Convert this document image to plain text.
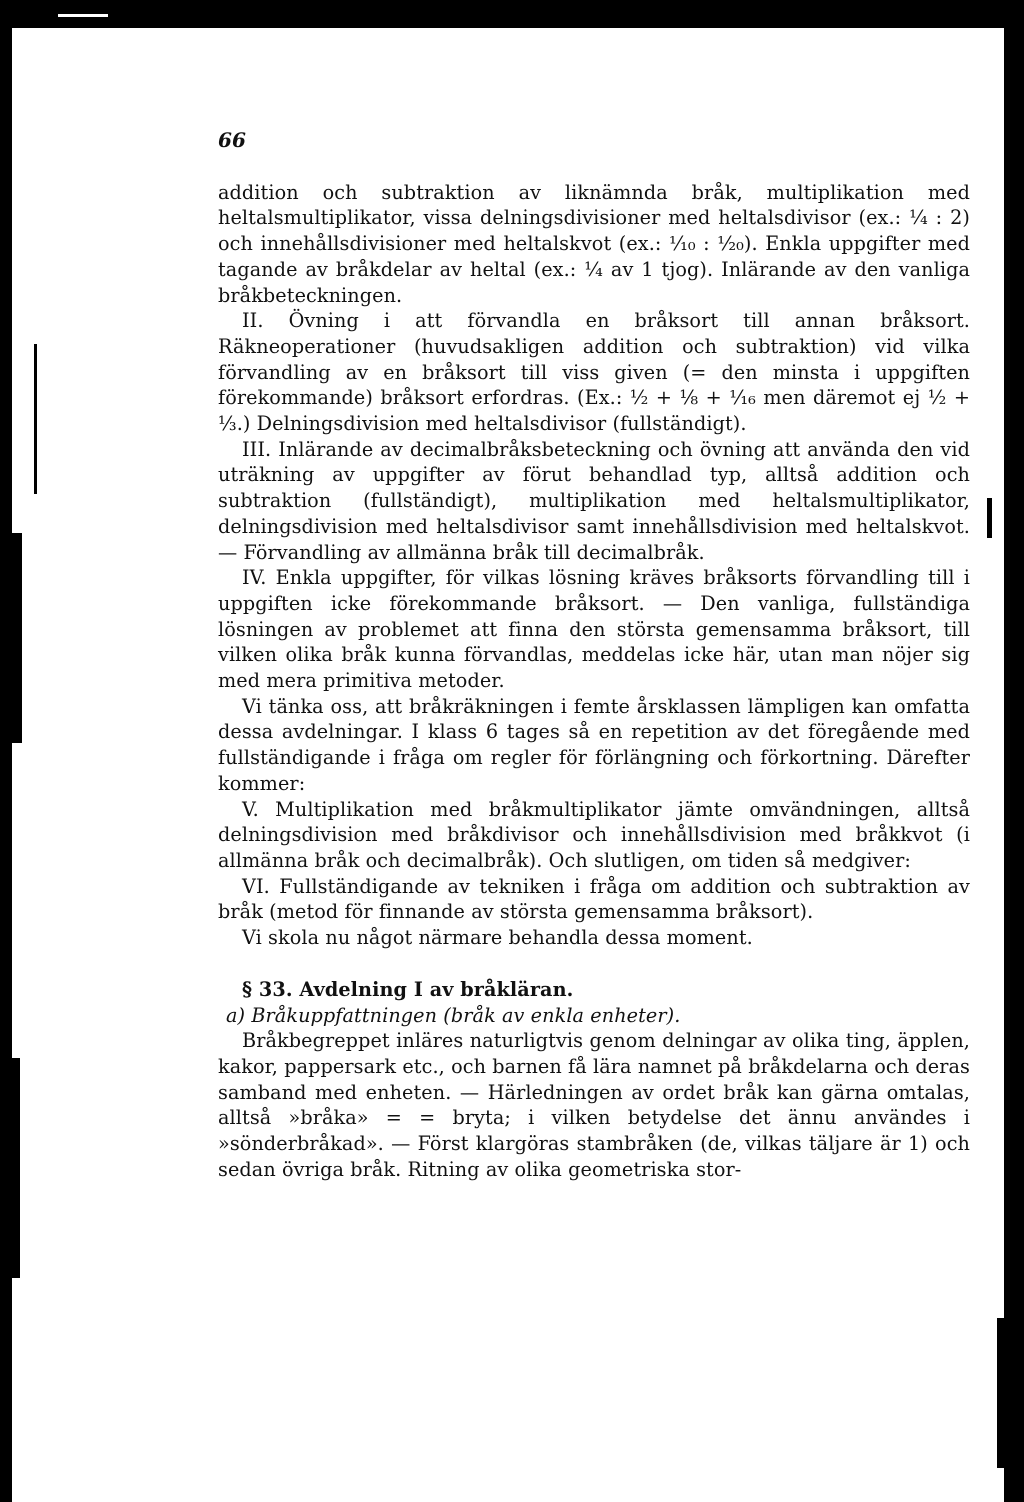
66

addition och subtraktion av liknämnda bråk, multiplikation med heltalsmultiplikator, vissa delningsdivisioner med heltalsdivisor (ex.: ¼ : 2) och innehållsdivisioner med heltalskvot (ex.: ¹⁄₁₀ : ¹⁄₂₀). Enkla uppgifter med tagande av bråkdelar av heltal (ex.: ¼ av 1 tjog). Inlärande av den vanliga bråkbeteckningen.

II. Övning i att förvandla en bråksort till annan bråksort. Räkneoperationer (huvudsakligen addition och subtraktion) vid vilka förvandling av en bråksort till viss given (= den minsta i uppgiften förekommande) bråksort erfordras. (Ex.: ½ + ⅛ + ¹⁄₁₆ men däremot ej ½ + ⅓.) Delningsdivision med heltalsdivisor (fullständigt).

III. Inlärande av decimalbråksbeteckning och övning att använda den vid uträkning av uppgifter av förut behandlad typ, alltså addition och subtraktion (fullständigt), multiplikation med heltalsmultiplikator, delningsdivision med heltalsdivisor samt innehållsdivision med heltalskvot. — Förvandling av allmänna bråk till decimalbråk.

IV. Enkla uppgifter, för vilkas lösning kräves bråksorts förvandling till i uppgiften icke förekommande bråksort. — Den vanliga, fullständiga lösningen av problemet att finna den största gemensamma bråksort, till vilken olika bråk kunna förvandlas, meddelas icke här, utan man nöjer sig med mera primitiva metoder.

Vi tänka oss, att bråkräkningen i femte årsklassen lämpligen kan omfatta dessa avdelningar. I klass 6 tages så en repetition av det föregående med fullständigande i fråga om regler för förlängning och förkortning. Därefter kommer:

V. Multiplikation med bråkmultiplikator jämte omvändningen, alltså delningsdivision med bråkdivisor och innehållsdivision med bråkkvot (i allmänna bråk och decimalbråk). Och slutligen, om tiden så medgiver:

VI. Fullständigande av tekniken i fråga om addition och subtraktion av bråk (metod för finnande av största gemensamma bråksort).

Vi skola nu något närmare behandla dessa moment.

§ 33. Avdelning I av bråkläran.

a) Bråkuppfattningen (bråk av enkla enheter).

Bråkbegreppet inläres naturligtvis genom delningar av olika ting, äpplen, kakor, pappersark etc., och barnen få lära namnet på bråkdelarna och deras samband med enheten. — Härledningen av ordet bråk kan gärna omtalas, alltså »bråka» = = bryta; i vilken betydelse det ännu användes i »sönderbråkad». — Först klargöras stambråken (de, vilkas täljare är 1) och sedan övriga bråk. Ritning av olika geometriska stor-
